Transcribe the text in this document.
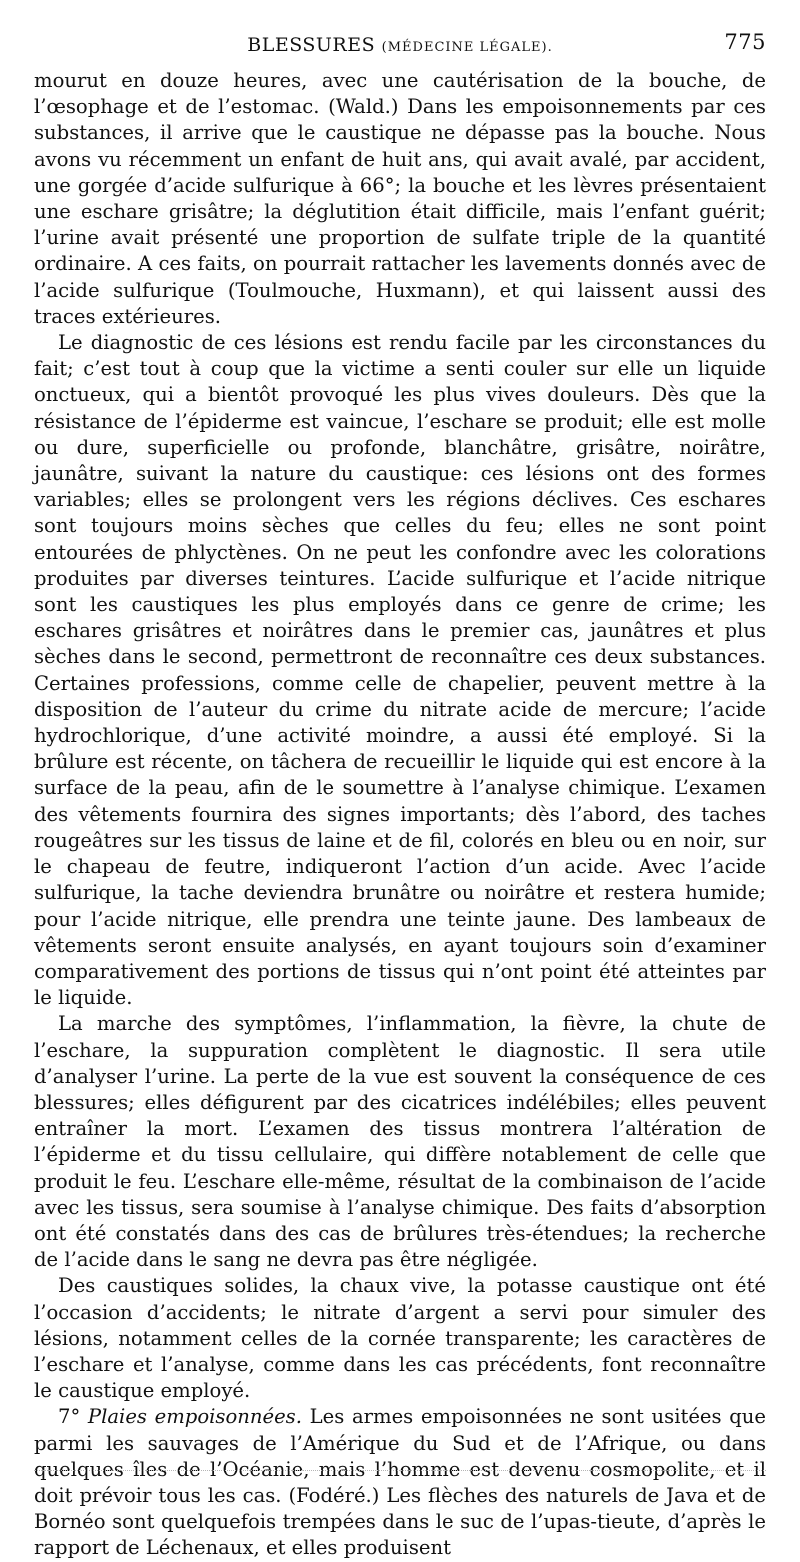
BLESSURES (MÉDECINE LÉGALE).	775

mourut en douze heures, avec une cautérisation de la bouche, de l’œsophage et de l’estomac. (Wald.) Dans les empoisonnements par ces substances, il arrive que le caustique ne dépasse pas la bouche. Nous avons vu récemment un enfant de huit ans, qui avait avalé, par accident, une gorgée d’acide sulfurique à 66°; la bouche et les lèvres présentaient une eschare grisâtre; la déglutition était difficile, mais l’enfant guérit; l’urine avait présenté une proportion de sulfate triple de la quantité ordinaire. A ces faits, on pourrait rattacher les lavements donnés avec de l’acide sulfurique (Toulmouche, Huxmann), et qui laissent aussi des traces extérieures.

Le diagnostic de ces lésions est rendu facile par les circonstances du fait; c’est tout à coup que la victime a senti couler sur elle un liquide onctueux, qui a bientôt provoqué les plus vives douleurs. Dès que la résistance de l’épiderme est vaincue, l’eschare se produit; elle est molle ou dure, superficielle ou profonde, blanchâtre, grisâtre, noirâtre, jaunâtre, suivant la nature du caustique: ces lésions ont des formes variables; elles se prolongent vers les régions déclives. Ces eschares sont toujours moins sèches que celles du feu; elles ne sont point entourées de phlyctènes. On ne peut les confondre avec les colorations produites par diverses teintures. L’acide sulfurique et l’acide nitrique sont les caustiques les plus employés dans ce genre de crime; les eschares grisâtres et noirâtres dans le premier cas, jaunâtres et plus sèches dans le second, permettront de reconnaître ces deux substances. Certaines professions, comme celle de chapelier, peuvent mettre à la disposition de l’auteur du crime du nitrate acide de mercure; l’acide hydrochlorique, d’une activité moindre, a aussi été employé. Si la brûlure est récente, on tâchera de recueillir le liquide qui est encore à la surface de la peau, afin de le soumettre à l’analyse chimique. L’examen des vêtements fournira des signes importants; dès l’abord, des taches rougeâtres sur les tissus de laine et de fil, colorés en bleu ou en noir, sur le chapeau de feutre, indiqueront l’action d’un acide. Avec l’acide sulfurique, la tache deviendra brunâtre ou noirâtre et restera humide; pour l’acide nitrique, elle prendra une teinte jaune. Des lambeaux de vêtements seront ensuite analysés, en ayant toujours soin d’examiner comparativement des portions de tissus qui n’ont point été atteintes par le liquide.

La marche des symptômes, l’inflammation, la fièvre, la chute de l’eschare, la suppuration complètent le diagnostic. Il sera utile d’analyser l’urine. La perte de la vue est souvent la conséquence de ces blessures; elles défigurent par des cicatrices indélébiles; elles peuvent entraîner la mort. L’examen des tissus montrera l’altération de l’épiderme et du tissu cellulaire, qui diffère notablement de celle que produit le feu. L’eschare elle-même, résultat de la combinaison de l’acide avec les tissus, sera soumise à l’analyse chimique. Des faits d’absorption ont été constatés dans des cas de brûlures très-étendues; la recherche de l’acide dans le sang ne devra pas être négligée.

Des caustiques solides, la chaux vive, la potasse caustique ont été l’occasion d’accidents; le nitrate d’argent a servi pour simuler des lésions, notamment celles de la cornée transparente; les caractères de l’eschare et l’analyse, comme dans les cas précédents, font reconnaître le caustique employé.

7° Plaies empoisonnées. Les armes empoisonnées ne sont usitées que parmi les sauvages de l’Amérique du Sud et de l’Afrique, ou dans quelques îles de l’Océanie, mais l’homme est devenu cosmopolite, et il doit prévoir tous les cas. (Fodéré.) Les flèches des naturels de Java et de Bornéo sont quelquefois trempées dans le suc de l’upas-tieute, d’après le rapport de Léchenaux, et elles produisent
